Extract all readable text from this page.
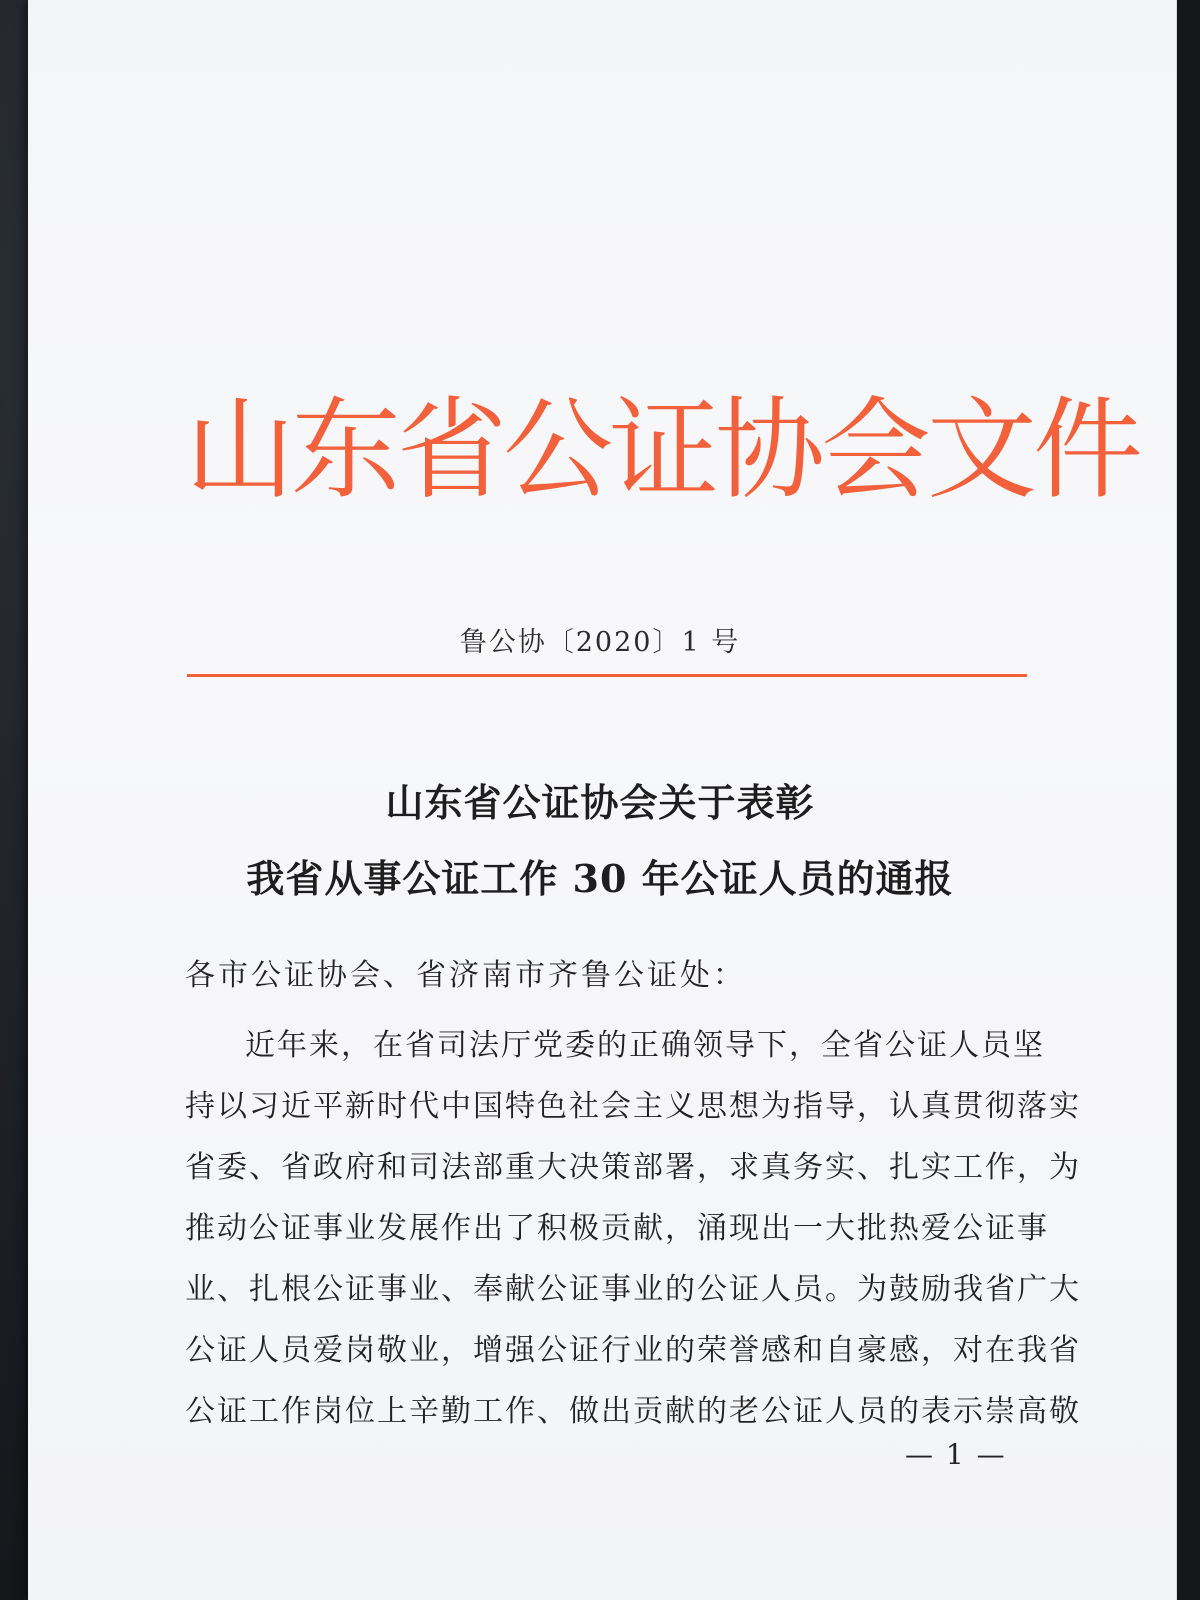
山东省公证协会文件
鲁公协〔2020〕1 号
山东省公证协会关于表彰
我省从事公证工作 30 年公证人员的通报
各市公证协会、省济南市齐鲁公证处：
近年来，在省司法厅党委的正确领导下，全省公证人员坚
持以习近平新时代中国特色社会主义思想为指导，认真贯彻落实
省委、省政府和司法部重大决策部署，求真务实、扎实工作，为
推动公证事业发展作出了积极贡献，涌现出一大批热爱公证事
业、扎根公证事业、奉献公证事业的公证人员。为鼓励我省广大
公证人员爱岗敬业，增强公证行业的荣誉感和自豪感，对在我省
公证工作岗位上辛勤工作、做出贡献的老公证人员的表示崇高敬
— 1 —
